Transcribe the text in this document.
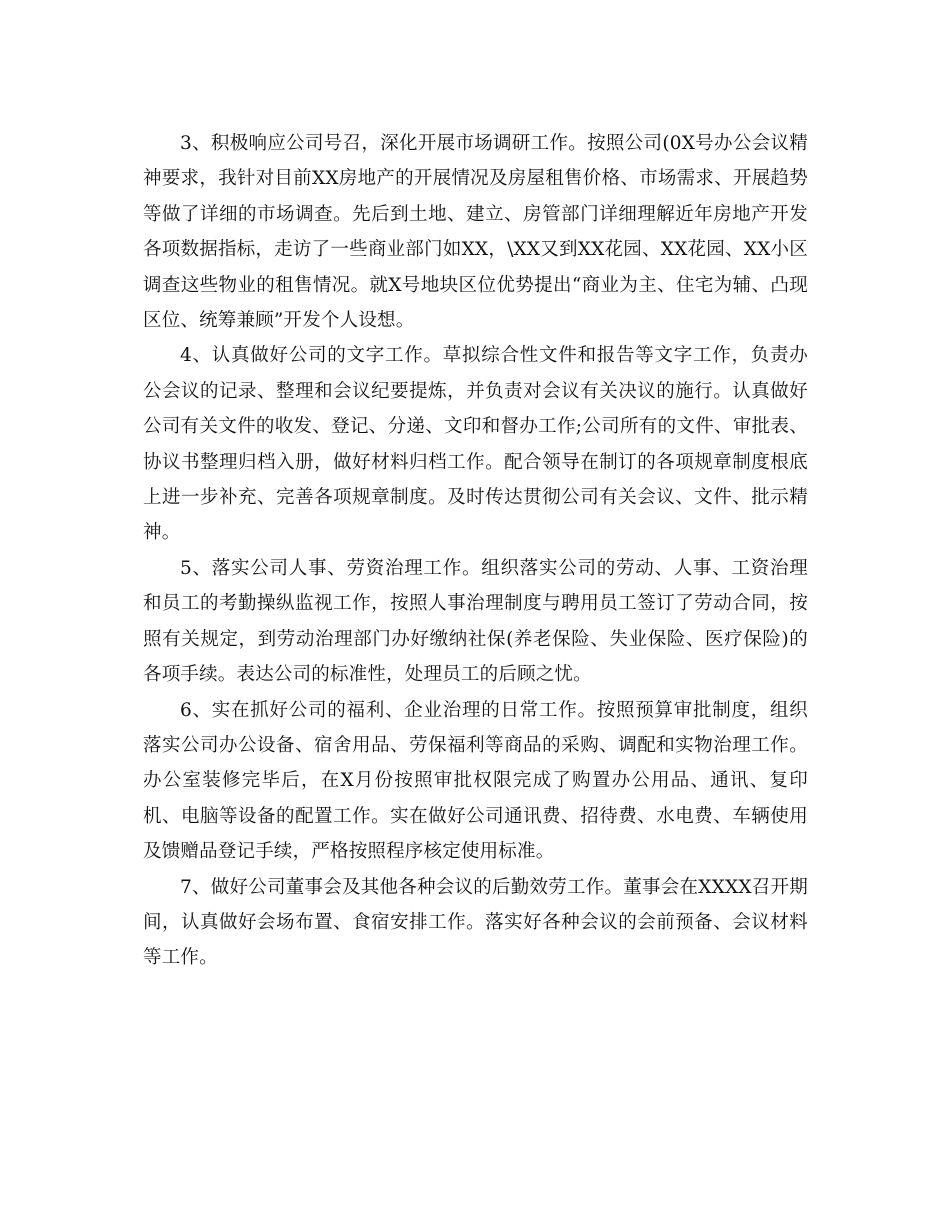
3、积极响应公司号召，深化开展市场调研工作。按照公司(0X号办公会议精神要求，我针对目前XX房地产的开展情况及房屋租售价格、市场需求、开展趋势等做了详细的市场调查。先后到土地、建立、房管部门详细理解近年房地产开发各项数据指标，走访了一些商业部门如XX，\XX又到XX花园、XX花园、XX小区调查这些物业的租售情况。就X号地块区位优势提出“商业为主、住宅为辅、凸现区位、统筹兼顾”开发个人设想。

4、认真做好公司的文字工作。草拟综合性文件和报告等文字工作，负责办公会议的记录、整理和会议纪要提炼，并负责对会议有关决议的施行。认真做好公司有关文件的收发、登记、分递、文印和督办工作;公司所有的文件、审批表、协议书整理归档入册，做好材料归档工作。配合领导在制订的各项规章制度根底上进一步补充、完善各项规章制度。及时传达贯彻公司有关会议、文件、批示精神。

5、落实公司人事、劳资治理工作。组织落实公司的劳动、人事、工资治理和员工的考勤操纵监视工作，按照人事治理制度与聘用员工签订了劳动合同，按照有关规定，到劳动治理部门办好缴纳社保(养老保险、失业保险、医疗保险)的各项手续。表达公司的标准性，处理员工的后顾之忧。

6、实在抓好公司的福利、企业治理的日常工作。按照预算审批制度，组织落实公司办公设备、宿舍用品、劳保福利等商品的采购、调配和实物治理工作。办公室装修完毕后，在X月份按照审批权限完成了购置办公用品、通讯、复印机、电脑等设备的配置工作。实在做好公司通讯费、招待费、水电费、车辆使用及馈赠品登记手续，严格按照程序核定使用标准。

7、做好公司董事会及其他各种会议的后勤效劳工作。董事会在XXXX召开期间，认真做好会场布置、食宿安排工作。落实好各种会议的会前预备、会议材料等工作。
